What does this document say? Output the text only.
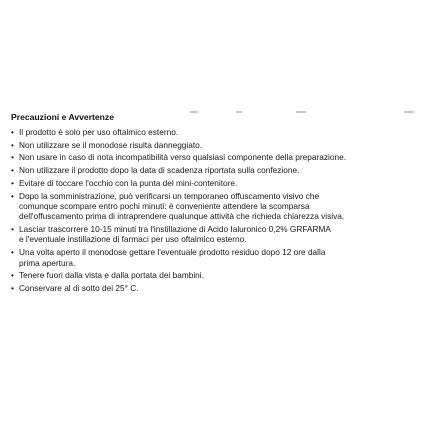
Precauzioni e Avvertenze
• Il prodotto è solo per uso oftalmico esterno.
• Non utilizzare se il monodose risulta danneggiato.
• Non usare in caso di nota incompatibilità verso qualsiasi componente della preparazione.
• Non utilizzare il prodotto dopo la data di scadenza riportata sulla confezione.
• Evitare di toccare l'occhio con la punta del mini-contenitore.
• Dopo la somministrazione, può verificarsi un temporaneo offuscamento visivo che
comunque scompare entro pochi minuti: è conveniente attendere la scomparsa
dell'offuscamento prima di intraprendere qualunque attività che richieda chiarezza visiva.
• Lasciar trascorrere 10-15 minuti tra l'instillazione di Acido Ialuronico 0,2% GRFARMA
e l'eventuale instillazione di farmaci per uso oftalmico esterno.
• Una volta aperto il monodose gettare l'eventuale prodotto residuo dopo 12 ore dalla
prima apertura.
• Tenere fuori dalla vista e dalla portata dei bambini.
• Conservare al di sotto dei 25° C.
